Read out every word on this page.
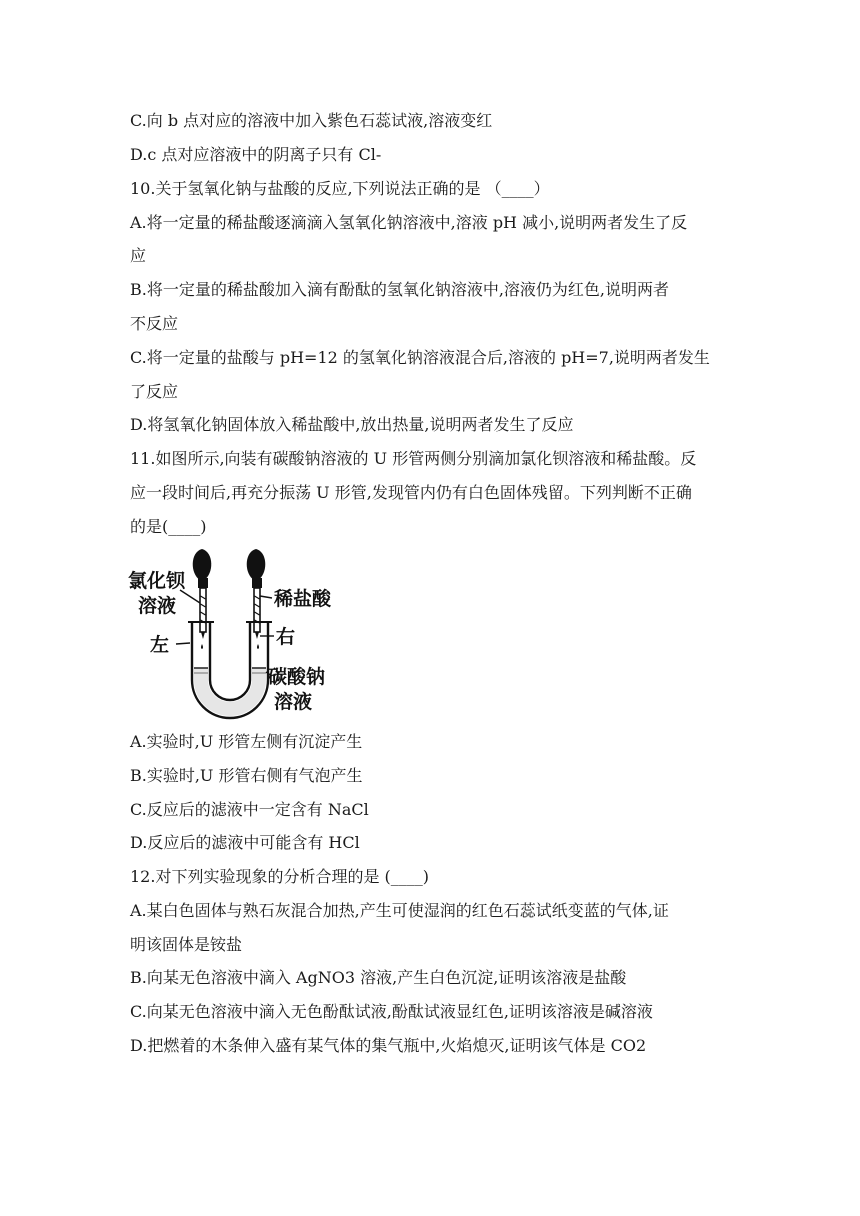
C.向 b 点对应的溶液中加入紫色石蕊试液,溶液变红
D.c 点对应溶液中的阴离子只有 Cl-
10.关于氢氧化钠与盐酸的反应,下列说法正确的是 （____）
A.将一定量的稀盐酸逐滴滴入氢氧化钠溶液中,溶液 pH 减小,说明两者发生了反
应
B.将一定量的稀盐酸加入滴有酚酞的氢氧化钠溶液中,溶液仍为红色,说明两者
不反应
C.将一定量的盐酸与 pH=12 的氢氧化钠溶液混合后,溶液的 pH=7,说明两者发生
了反应
D.将氢氧化钠固体放入稀盐酸中,放出热量,说明两者发生了反应
11.如图所示,向装有碳酸钠溶液的 U 形管两侧分别滴加氯化钡溶液和稀盐酸。反
应一段时间后,再充分振荡 U 形管,发现管内仍有白色固体残留。下列判断不正确
的是(____)
氯化钡
溶液	稀盐酸
左	右
碳酸钠
溶液
A.实验时,U 形管左侧有沉淀产生
B.实验时,U 形管右侧有气泡产生
C.反应后的滤液中一定含有 NaCl
D.反应后的滤液中可能含有 HCl
12.对下列实验现象的分析合理的是 (____)
A.某白色固体与熟石灰混合加热,产生可使湿润的红色石蕊试纸变蓝的气体,证
明该固体是铵盐
B.向某无色溶液中滴入 AgNO3 溶液,产生白色沉淀,证明该溶液是盐酸
C.向某无色溶液中滴入无色酚酞试液,酚酞试液显红色,证明该溶液是碱溶液
D.把燃着的木条伸入盛有某气体的集气瓶中,火焰熄灭,证明该气体是 CO2
